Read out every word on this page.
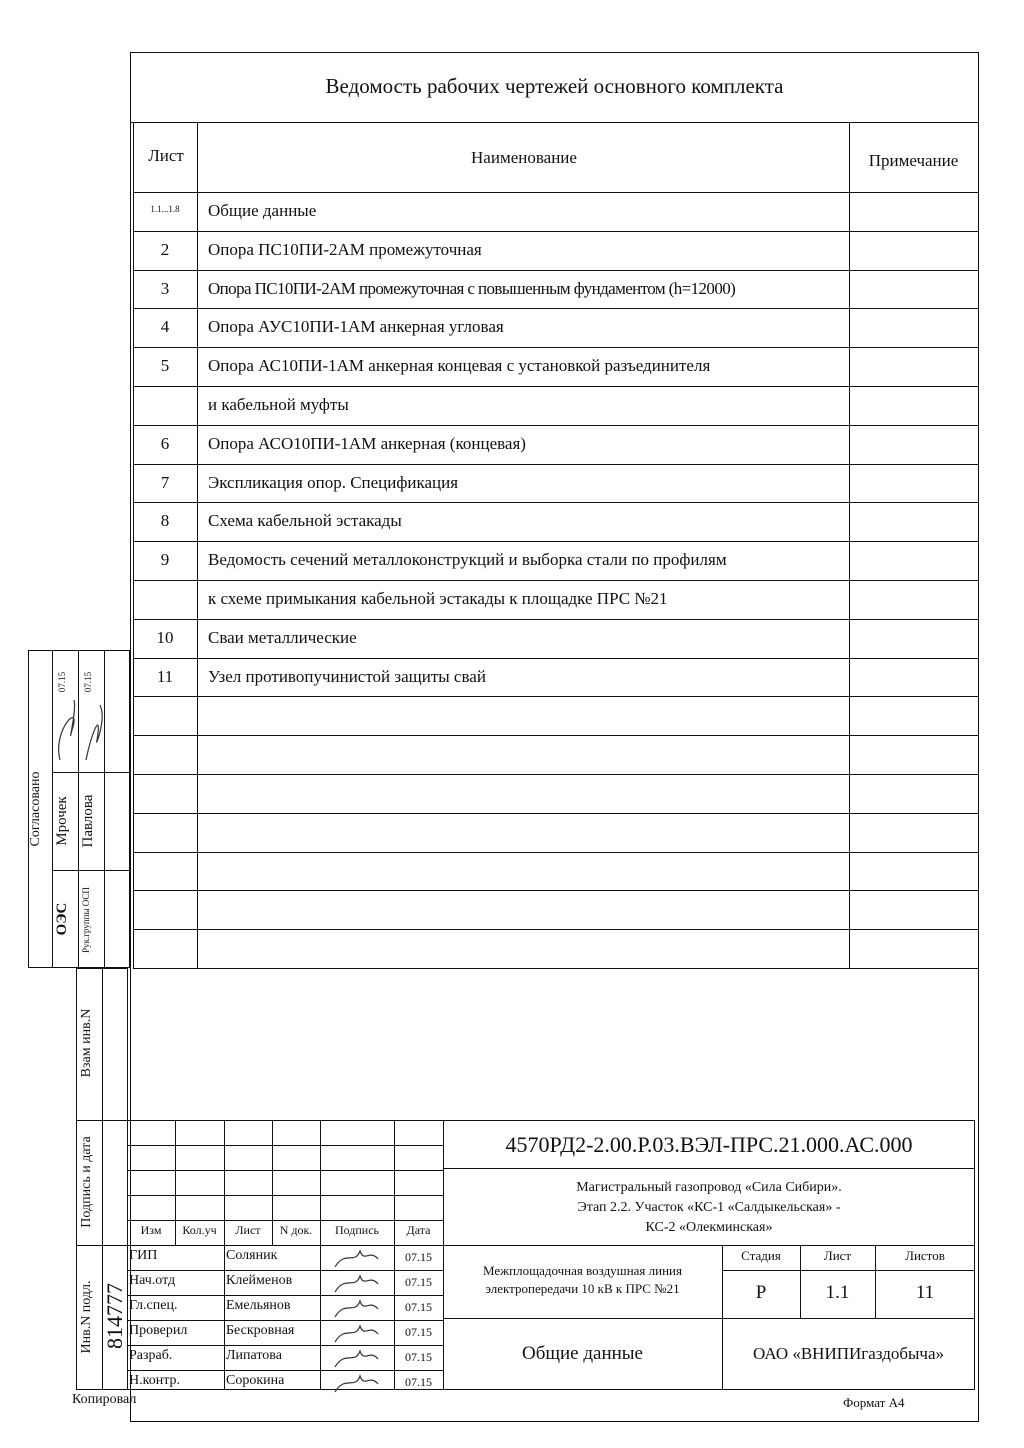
Ведомость рабочих чертежей основного комплекта
Лист	Наименование	Примечание
1.1...1.8	Общие данные
2	Опора ПС10ПИ-2АМ промежуточная
3	Опора ПС10ПИ-2АМ промежуточная с повышенным фундаментом (h=12000)
4	Опора АУС10ПИ-1АМ анкерная угловая
5	Опора АС10ПИ-1АМ анкерная концевая с установкой разъединителя
и кабельной муфты
6	Опора АСО10ПИ-1АМ анкерная (концевая)
7	Экспликация опор. Спецификация
8	Схема кабельной эстакады
9	Ведомость сечений металлоконструкций и выборка стали по профилям
к схеме примыкания кабельной эстакады к площадке ПРС №21
10	Сваи металлические
11	Узел противопучинистой защиты свай
Согласовано
ОЭС
Мрочек
07.15
Рук.группы ОСП
Павлова
07.15
Взам инв.N
Подпись и дата
Инв.N подл. 814777
Изм	Кол.уч	Лист	N док.	Подпись	Дата
ГИП	Соляник	07.15
Нач.отд	Клейменов	07.15
Гл.спец.	Емельянов	07.15
Проверил	Бескровная	07.15
Разраб.	Липатова	07.15
Н.контр.	Сорокина	07.15
4570РД2-2.00.Р.03.ВЭЛ-ПРС.21.000.АС.000
Магистральный газопровод «Сила Сибири».
Этап 2.2. Участок «КС-1 «Салдыкельская» -
КС-2 «Олекминская»
Межплощадочная воздушная линия
электропередачи 10 кВ к ПРС №21
Стадия	Лист	Листов
Р	1.1	11
Общие данные	ОАО «ВНИПИгаздобыча»
Копировал	Формат А4
